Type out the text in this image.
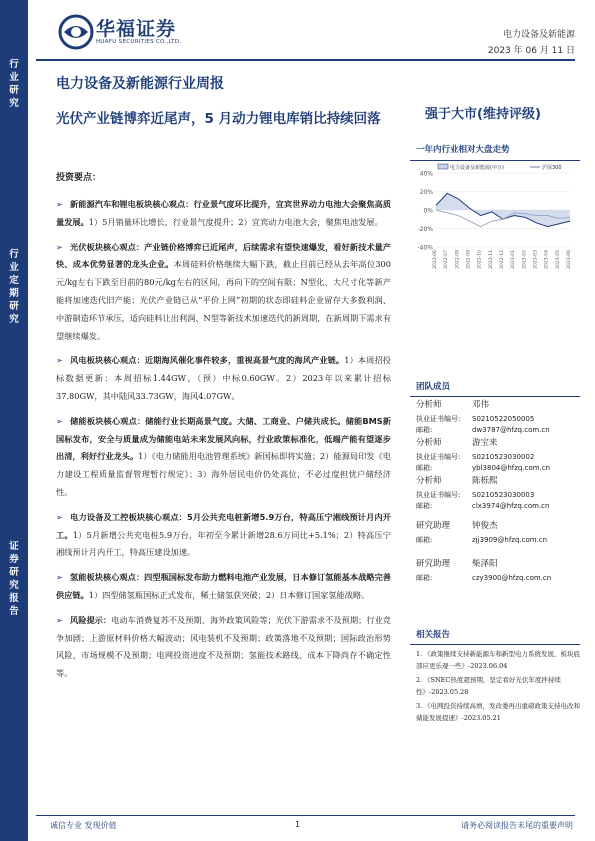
行
业
研
究
行
业
定
期
研
究
证
券
研
究
报
告
华福证券
HUAFU SECURITIES CO.,LTD.
电力设备及新能源
2023 年 06 月 11 日
电力设备及新能源行业周报
光伏产业链博弈近尾声，5 月动力锂电库销比持续回落	强于大市(维持评级)
一年内行业相对大盘走势
40%
20%
0%
-20%
-40%
电力设备及新能源(申万)	沪深300
2022-06 2022-07 2022-08 2022-09 2022-10 2022-11 2022-12 2023-01 2023-02 2023-03 2023-04 2023-05 2023-06
团队成员
分析师	邓伟
执业证书编号: S0210522050005
邮箱:	dw3787@hfzq.com.cn
分析师	游宝来
执业证书编号: S0210523030002
邮箱:	ybl3804@hfzq.com.cn
分析师	陈栎熙
执业证书编号: S0210523030003
邮箱:	clx3974@hfzq.com.cn
研究助理	钟俊杰
邮箱:	zjj3909@hfzq.com.cn
研究助理	柴泽阳
邮箱:	czy3900@hfzq.com.cn
相关报告
1. 《政策继续支持新能源车和新型电力系统发展，板块底部应更乐观一些》-2023.06.04
2. 《SNEC热度超预期，坚定看好光伏年度拌持续性》-2023.05.28
3. 《电网投资持续高增，发改委再出重磅政策支持电改和储能发展提速》-2023.05.21
投资要点：

➢ 新能源汽车和锂电板块核心观点：行业景气度环比提升，宜宾世界动力电池大会聚焦高质量发展。1）5月销量环比增长，行业景气度提升；2）宜宾动力电池大会，聚焦电池发展。

➢ 光伏板块核心观点：产业链价格博弈已近尾声，后续需求有望快速爆发，看好新技术量产快、成本优势显著的龙头企业。本周硅料价格继续大幅下跌，截止目前已经从去年高位300元/kg左右下跌至目前的80元/kg左右的区间，再向下的空间有限；N型化、大尺寸化等新产能将加速迭代旧产能；光伏产业链已从“平价上网”初期的状态即硅料企业留存大多数利润、中游制造环节承压，适向硅料让出利润、N型等新技术加速迭代的新周期，在新周期下需求有望继续爆发。

➢ 风电板块核心观点：近期海风催化事件较多，重视高景气度的海风产业链。1）本周招投标数据更新：本周招标1.44GW，（预）中标0.60GW。2）2023年以来累计招标37.80GW，其中陆风33.73GW，海风4.07GW。

➢ 储能板块核心观点：储能行业长期高景气度。大储、工商业、户储共成长。储能BMS新国标发布，安全与质量成为储能电站未来发展风向标，行业政策标准化，低端产能有望逐步出清，利好行业龙头。1）《电力储能用电池管理系统》新国标即将实施；2）能源局印发《电力建设工程质量监督管理暂行规定》；3）海外居民电价仍处高位，不必过度担忧户储经济性。

➢ 电力设备及工控板块核心观点：5月公共充电桩新增5.9万台，特高压宁湘线预计月内开工。1）5月新增公共充电桩5.9万台，年初至今累计新增28.6万同比+5.1%；2）特高压宁湘线预计月内开工，特高压建设加速。

➢ 氢能板块核心观点：四型瓶国标发布助力燃料电池产业发展，日本修订氢能基本战略完善供应链。1）四型储氢瓶国标正式发布，稀土储氢获突破；2）日本修订国家氢能战略。

➢ 风险提示：电动车消费复苏不及预期、海外政策风险等；光伏下游需求不及预期；行业竞争加剧；上游原材料价格大幅波动；风电装机不及预期；政策落地不及预期；国际政治形势风险，市场规模不及预期；电网投资进度不及预期；氢能技术路线、成本下降尚存不确定性等。

诚信专业 发现价值	1	请务必阅读报告末尾的重要声明
